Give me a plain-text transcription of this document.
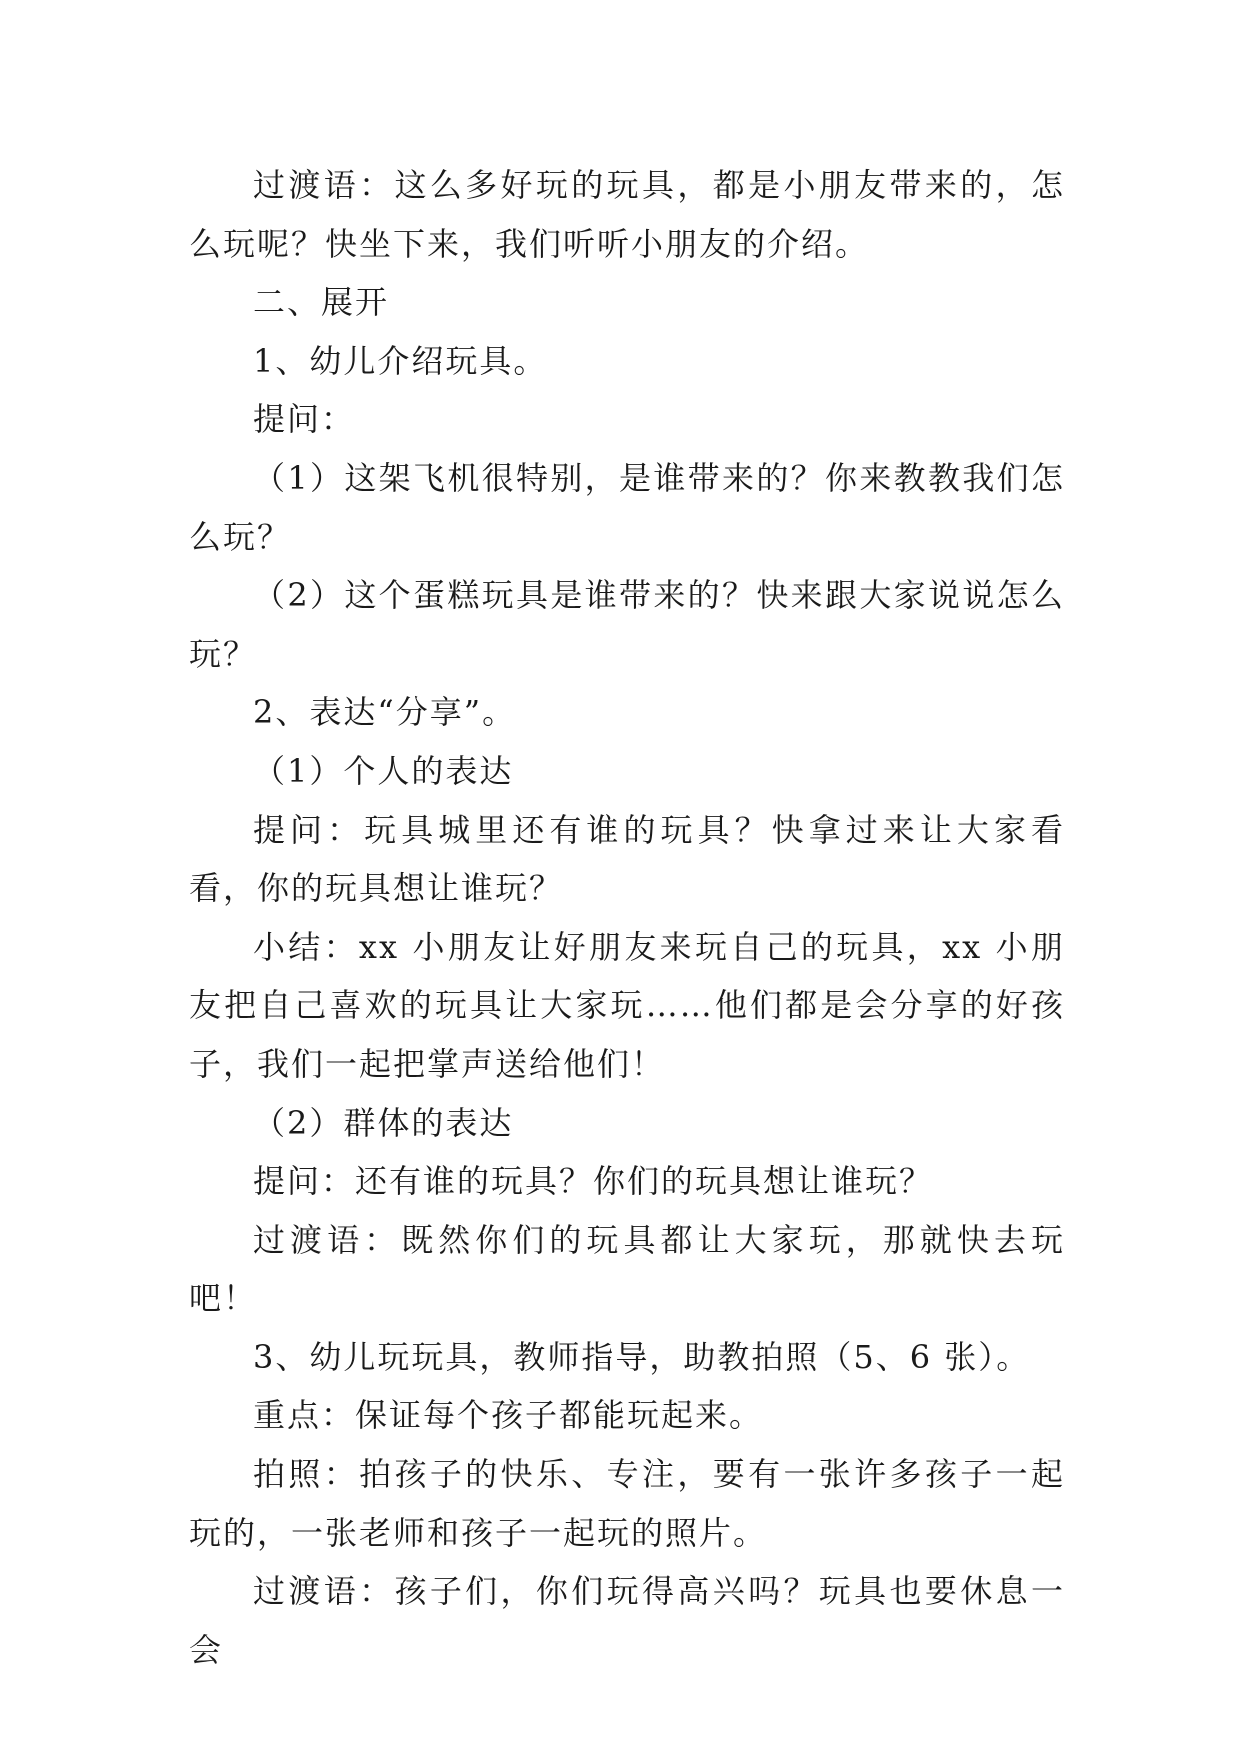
过渡语：这么多好玩的玩具，都是小朋友带来的，怎么玩呢？快坐下来，我们听听小朋友的介绍。

二、展开

1、幼儿介绍玩具。

提问：

（1）这架飞机很特别，是谁带来的？你来教教我们怎么玩？

（2）这个蛋糕玩具是谁带来的？快来跟大家说说怎么玩？

2、表达“分享”。

（1）个人的表达

提问：玩具城里还有谁的玩具？快拿过来让大家看看，你的玩具想让谁玩？

小结：xx 小朋友让好朋友来玩自己的玩具，xx 小朋友把自己喜欢的玩具让大家玩……他们都是会分享的好孩子，我们一起把掌声送给他们！

（2）群体的表达

提问：还有谁的玩具？你们的玩具想让谁玩？

过渡语：既然你们的玩具都让大家玩，那就快去玩吧！

3、幼儿玩玩具，教师指导，助教拍照（5、6 张）。

重点：保证每个孩子都能玩起来。

拍照：拍孩子的快乐、专注，要有一张许多孩子一起玩的，一张老师和孩子一起玩的照片。

过渡语：孩子们，你们玩得高兴吗？玩具也要休息一会
